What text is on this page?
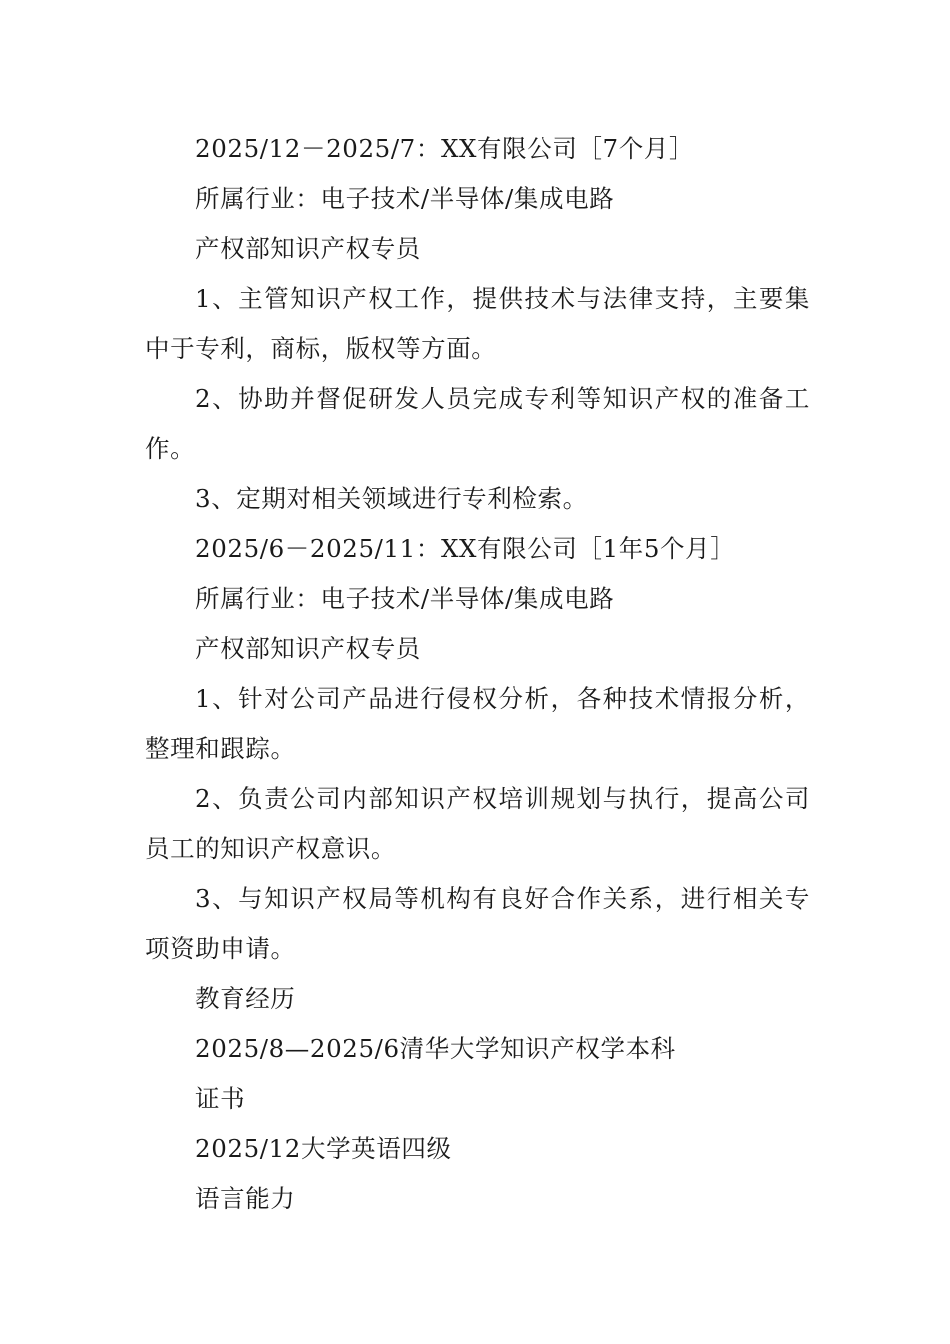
2025/12－2025/7：XX有限公司［7个月］

所属行业：电子技术/半导体/集成电路

产权部知识产权专员

1、主管知识产权工作，提供技术与法律支持，主要集中于专利，商标，版权等方面。

2、协助并督促研发人员完成专利等知识产权的准备工作。

3、定期对相关领域进行专利检索。

2025/6－2025/11：XX有限公司［1年5个月］

所属行业：电子技术/半导体/集成电路

产权部知识产权专员

1、针对公司产品进行侵权分析，各种技术情报分析，整理和跟踪。

2、负责公司内部知识产权培训规划与执行，提高公司员工的知识产权意识。

3、与知识产权局等机构有良好合作关系，进行相关专项资助申请。

教育经历

2025/8—2025/6清华大学知识产权学本科

证书

2025/12大学英语四级

语言能力
